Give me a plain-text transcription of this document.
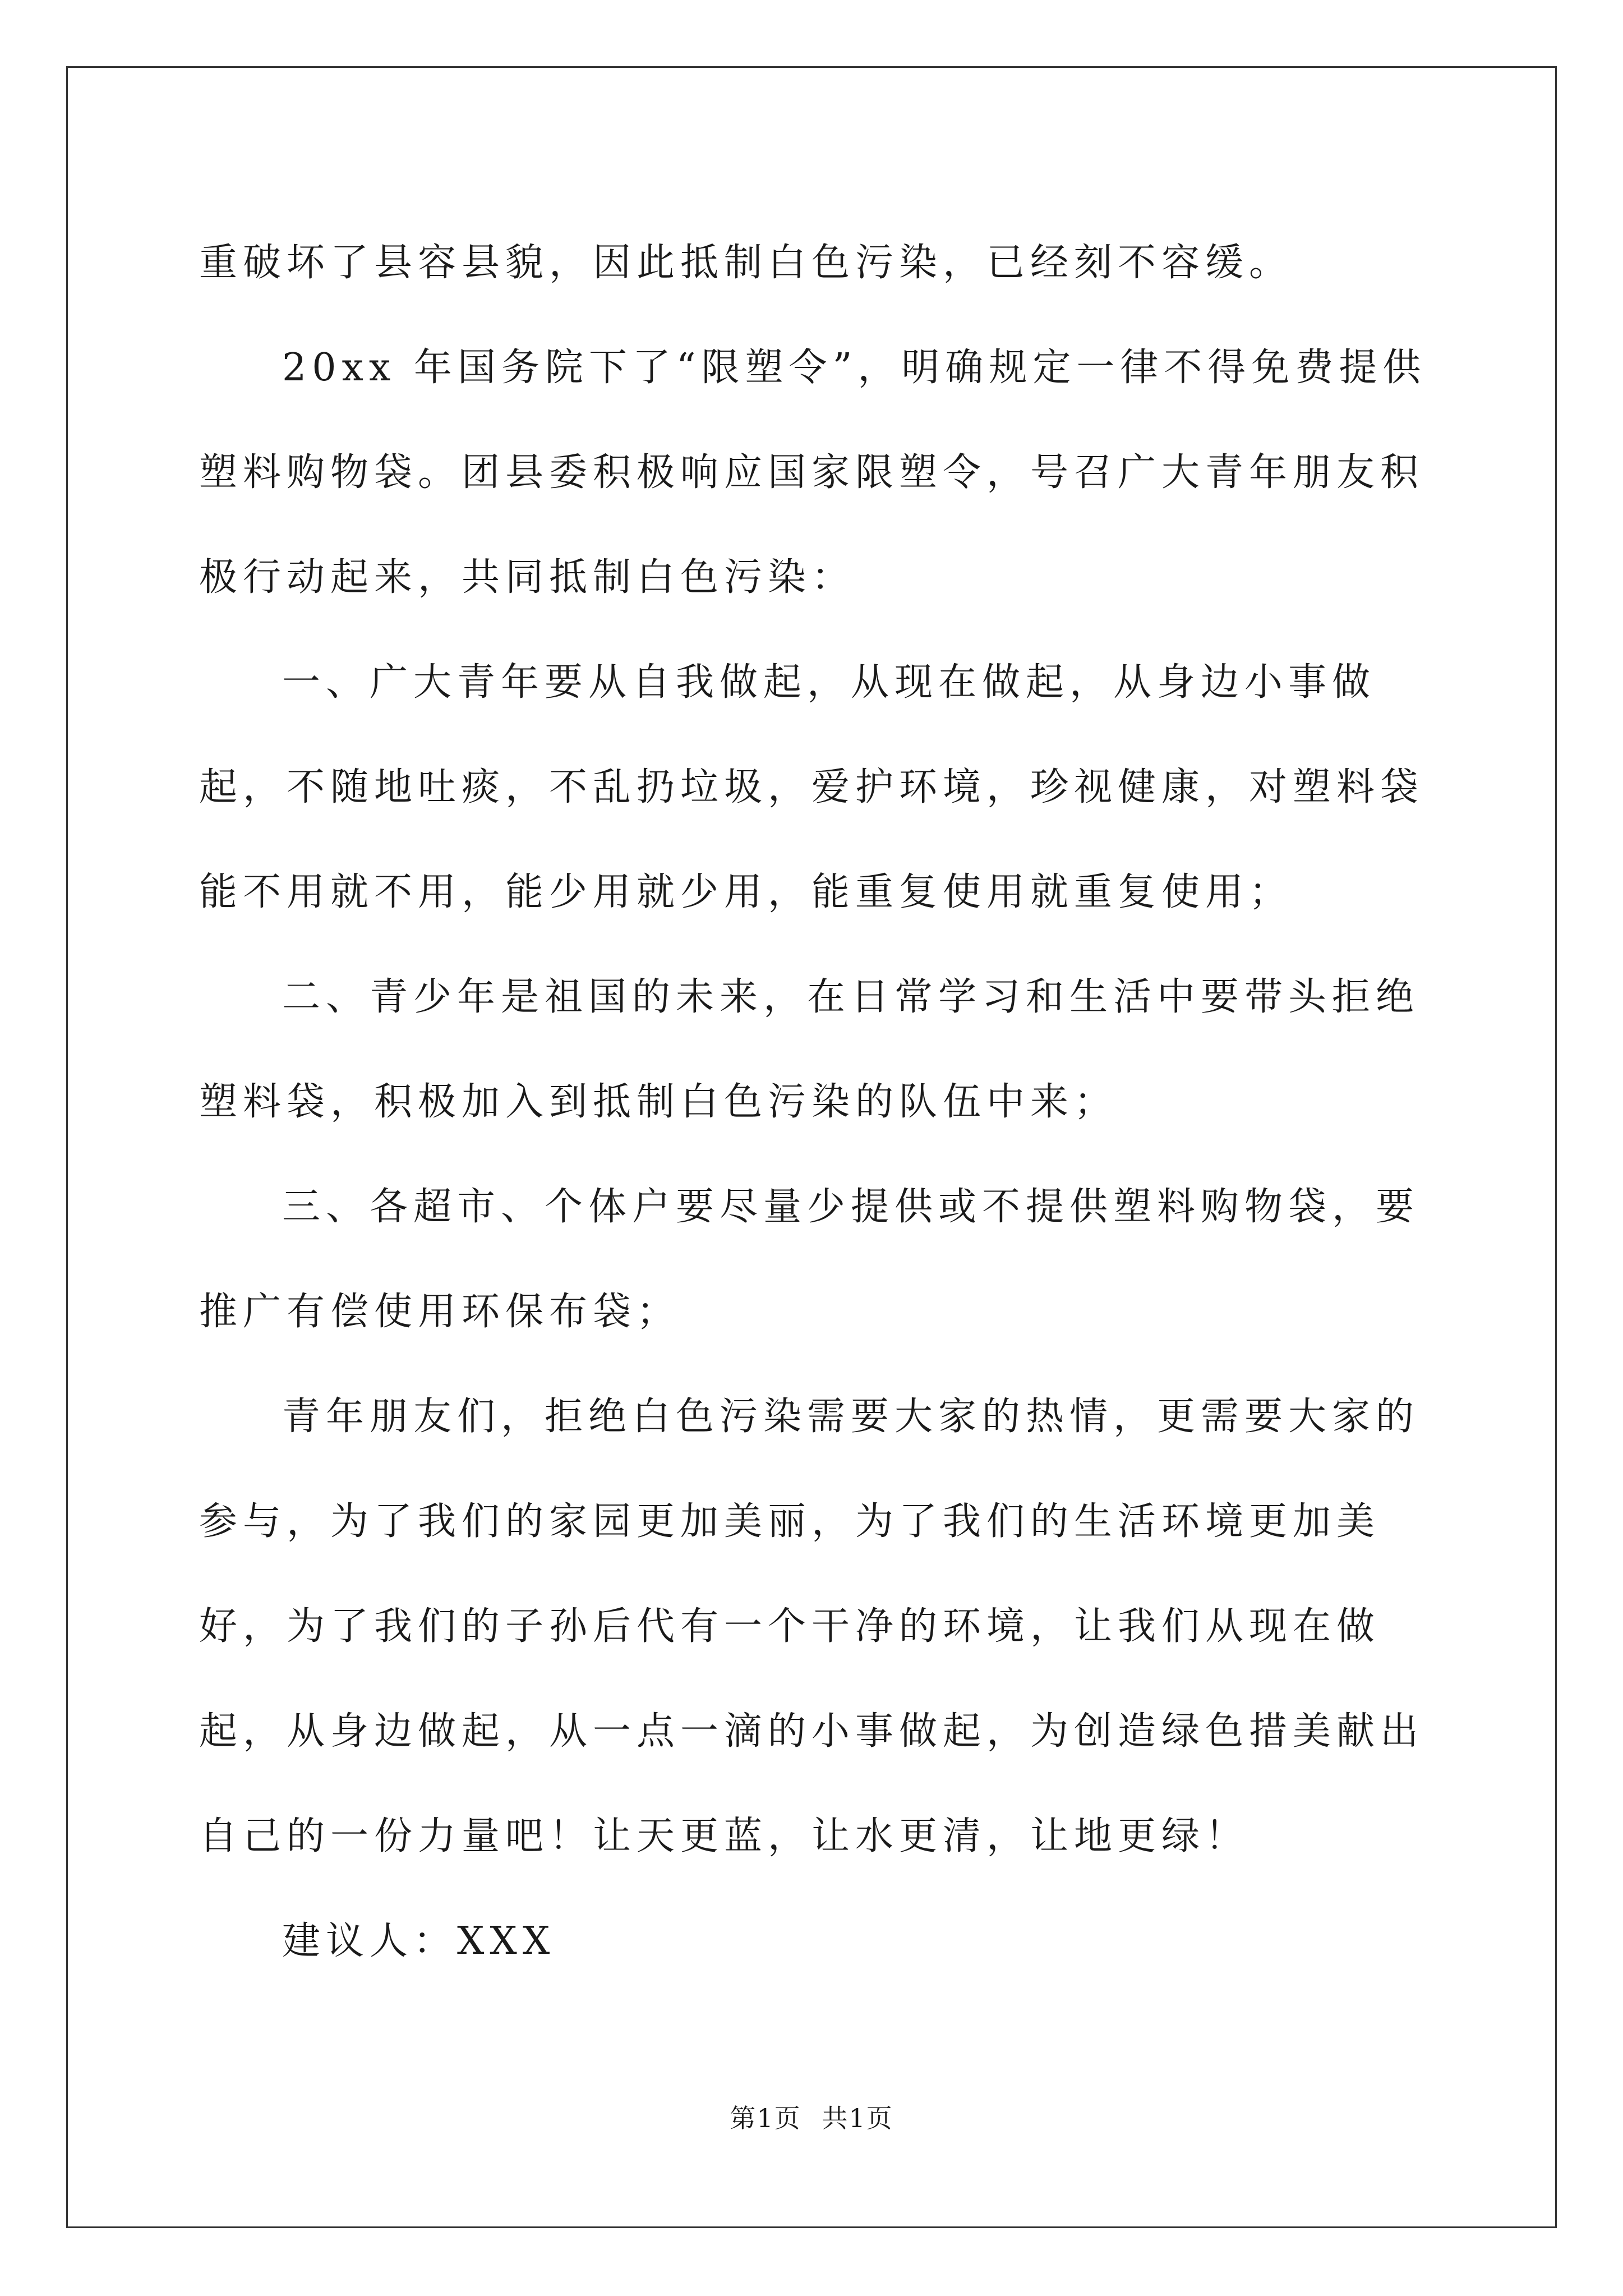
重破坏了县容县貌，因此抵制白色污染，已经刻不容缓。

20xx 年国务院下了“限塑令”，明确规定一律不得免费提供塑料购物袋。团县委积极响应国家限塑令，号召广大青年朋友积极行动起来，共同抵制白色污染：

一、广大青年要从自我做起，从现在做起，从身边小事做起，不随地吐痰，不乱扔垃圾，爱护环境，珍视健康，对塑料袋能不用就不用，能少用就少用，能重复使用就重复使用；

二、青少年是祖国的未来，在日常学习和生活中要带头拒绝塑料袋，积极加入到抵制白色污染的队伍中来；

三、各超市、个体户要尽量少提供或不提供塑料购物袋，要推广有偿使用环保布袋；

青年朋友们，拒绝白色污染需要大家的热情，更需要大家的参与，为了我们的家园更加美丽，为了我们的生活环境更加美好，为了我们的子孙后代有一个干净的环境，让我们从现在做起，从身边做起，从一点一滴的小事做起，为创造绿色措美献出自己的一份力量吧！让天更蓝，让水更清，让地更绿！

建议人：XXX

第1页 共1页
